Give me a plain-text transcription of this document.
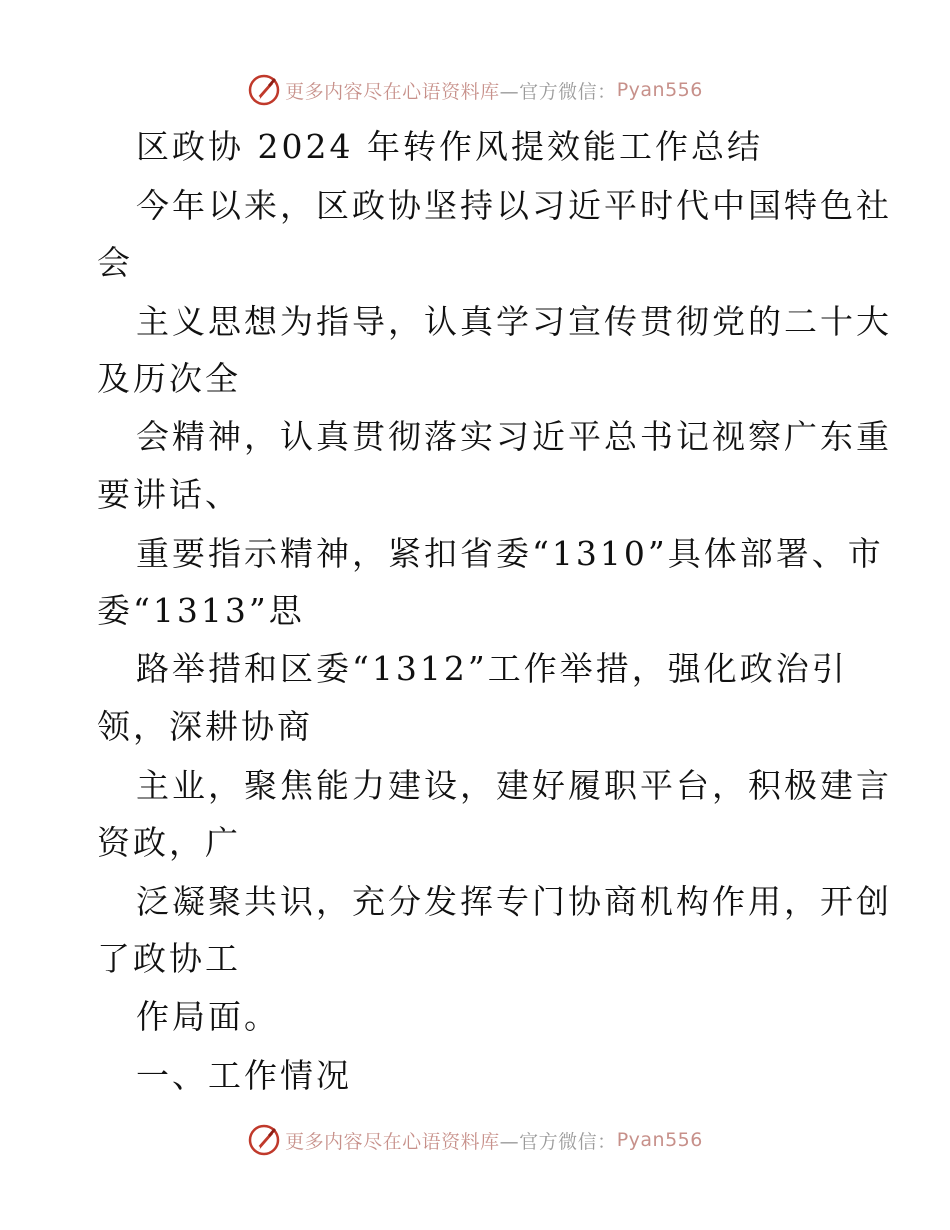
更多内容尽在心语资料库 —官方微信： Pyan556
区政协 2024 年转作风提效能工作总结
今年以来，区政协坚持以习近平时代中国特色社
会
主义思想为指导，认真学习宣传贯彻党的二十大
及历次全
会精神，认真贯彻落实习近平总书记视察广东重
要讲话、
重要指示精神，紧扣省委“1310”具体部署、市
委“1313”思
路举措和区委“1312”工作举措，强化政治引
领，深耕协商
主业，聚焦能力建设，建好履职平台，积极建言
资政，广
泛凝聚共识，充分发挥专门协商机构作用，开创
了政协工
作局面。
一、工作情况
更多内容尽在心语资料库 —官方微信： Pyan556
